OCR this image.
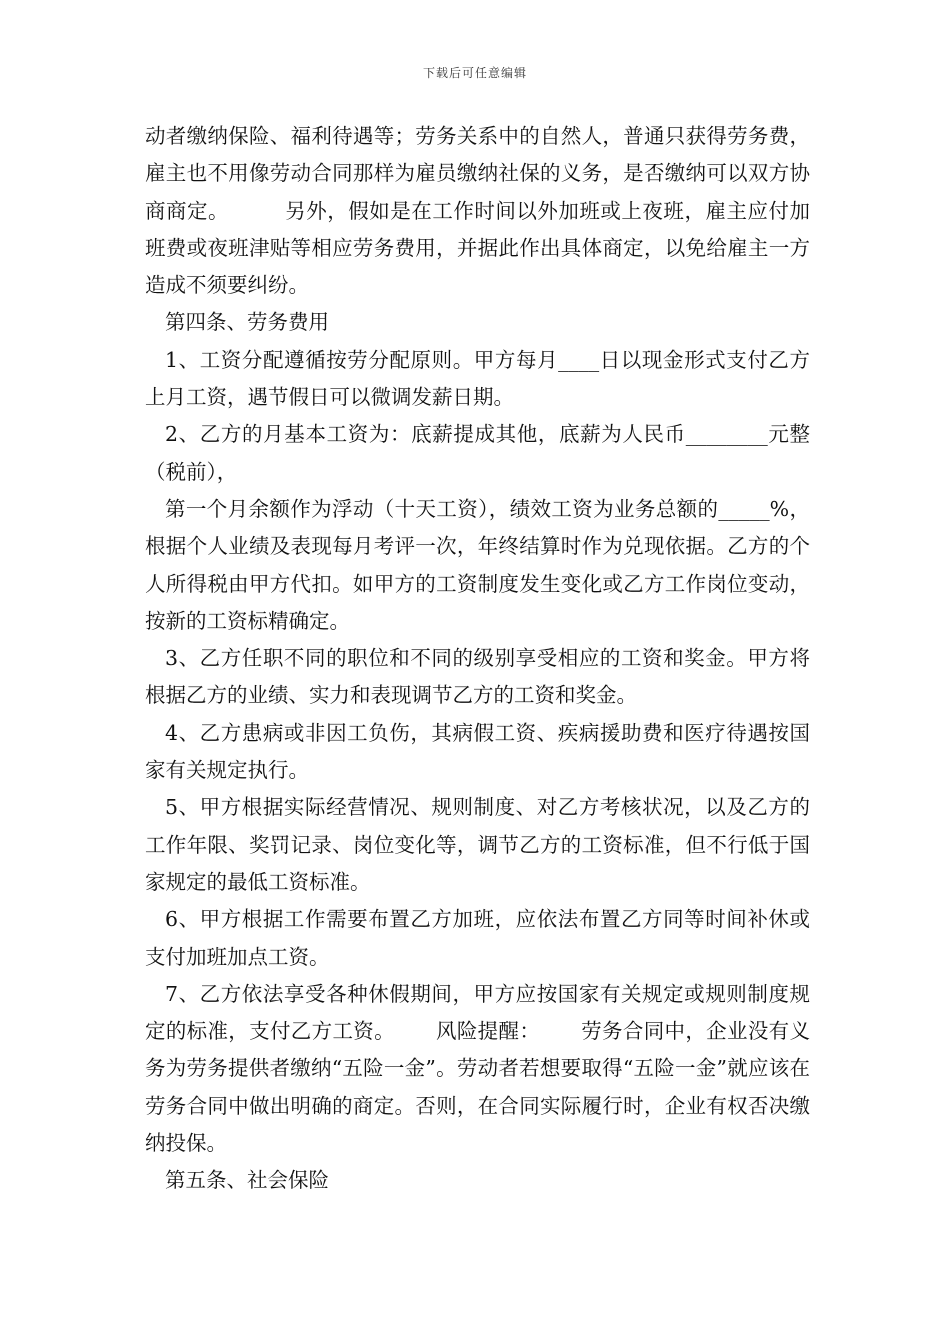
下载后可任意编辑

动者缴纳保险、福利待遇等；劳务关系中的自然人，普通只获得劳务费，雇主也不用像劳动合同那样为雇员缴纳社保的义务，是否缴纳可以双方协商商定。        另外，假如是在工作时间以外加班或上夜班，雇主应付加班费或夜班津贴等相应劳务费用，并据此作出具体商定，以免给雇主一方造成不须要纠纷。

第四条、劳务费用

1、工资分配遵循按劳分配原则。甲方每月____日以现金形式支付乙方上月工资，遇节假日可以微调发薪日期。

2、乙方的月基本工资为：底薪提成其他，底薪为人民币________元整（税前），

第一个月余额作为浮动（十天工资），绩效工资为业务总额的_____%，根据个人业绩及表现每月考评一次，年终结算时作为兑现依据。乙方的个人所得税由甲方代扣。如甲方的工资制度发生变化或乙方工作岗位变动，按新的工资标精确定。

3、乙方任职不同的职位和不同的级别享受相应的工资和奖金。甲方将根据乙方的业绩、实力和表现调节乙方的工资和奖金。

4、乙方患病或非因工负伤，其病假工资、疾病援助费和医疗待遇按国家有关规定执行。

5、甲方根据实际经营情况、规则制度、对乙方考核状况，以及乙方的工作年限、奖罚记录、岗位变化等，调节乙方的工资标准，但不行低于国家规定的最低工资标准。

6、甲方根据工作需要布置乙方加班，应依法布置乙方同等时间补休或支付加班加点工资。

7、乙方依法享受各种休假期间，甲方应按国家有关规定或规则制度规定的标准，支付乙方工资。      风险提醒：      劳务合同中，企业没有义务为劳务提供者缴纳“五险一金”。劳动者若想要取得“五险一金”就应该在劳务合同中做出明确的商定。否则，在合同实际履行时，企业有权否决缴纳投保。

第五条、社会保险
